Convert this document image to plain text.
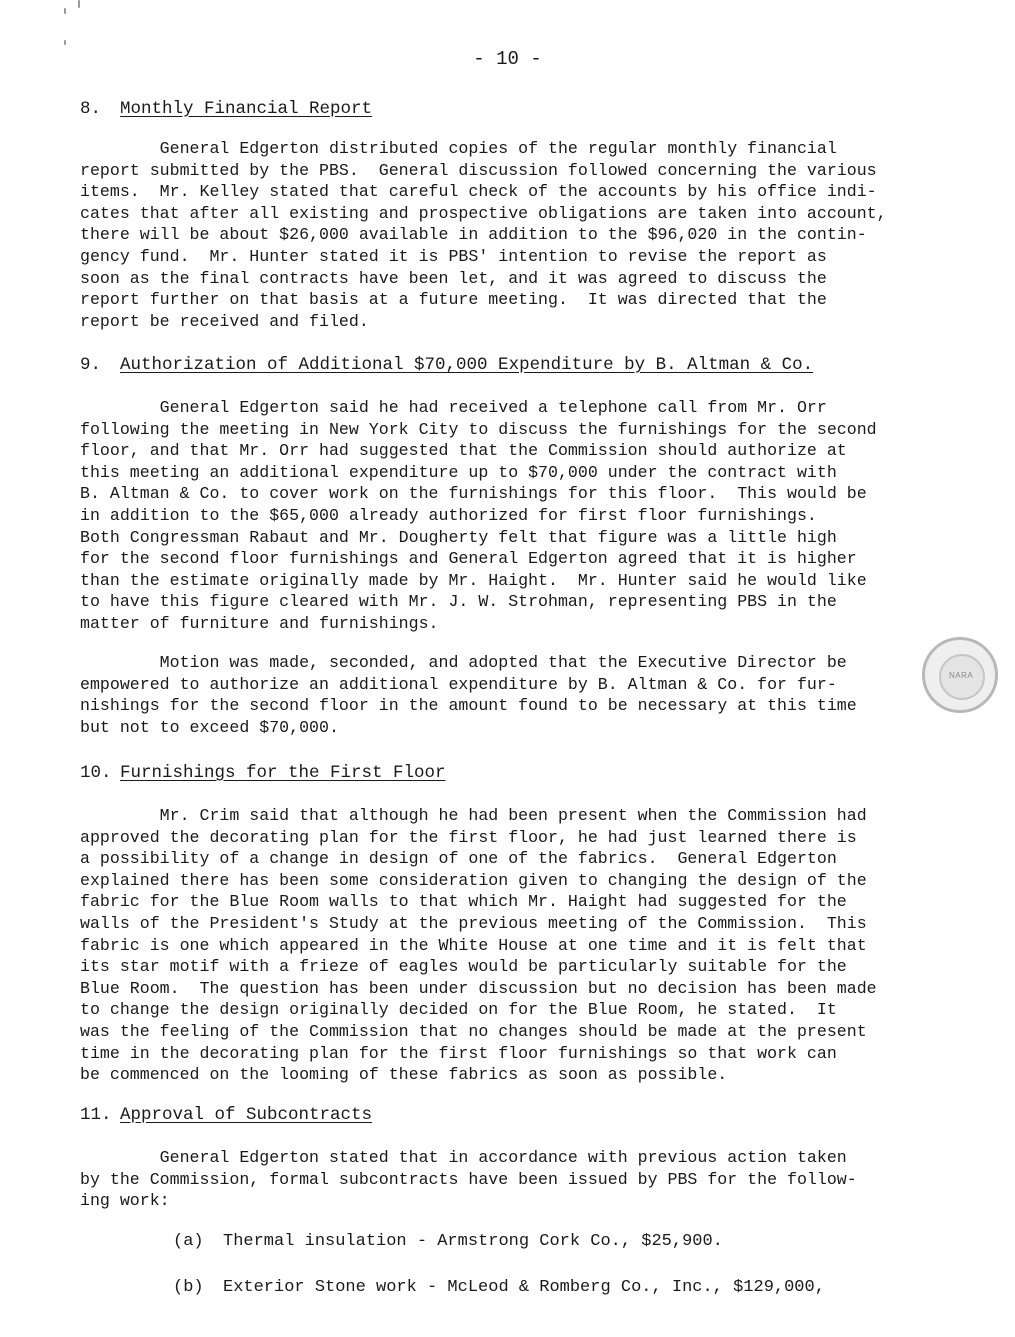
- 10 -
8. Monthly Financial Report
General Edgerton distributed copies of the regular monthly financial
report submitted by the PBS.  General discussion followed concerning the various
items.  Mr. Kelley stated that careful check of the accounts by his office indi-
cates that after all existing and prospective obligations are taken into account,
there will be about $26,000 available in addition to the $96,020 in the contin-
gency fund.  Mr. Hunter stated it is PBS' intention to revise the report as
soon as the final contracts have been let, and it was agreed to discuss the
report further on that basis at a future meeting.  It was directed that the
report be received and filed.
9. Authorization of Additional $70,000 Expenditure by B. Altman & Co.
General Edgerton said he had received a telephone call from Mr. Orr
following the meeting in New York City to discuss the furnishings for the second
floor, and that Mr. Orr had suggested that the Commission should authorize at
this meeting an additional expenditure up to $70,000 under the contract with
B. Altman & Co. to cover work on the furnishings for this floor.  This would be
in addition to the $65,000 already authorized for first floor furnishings.
Both Congressman Rabaut and Mr. Dougherty felt that figure was a little high
for the second floor furnishings and General Edgerton agreed that it is higher
than the estimate originally made by Mr. Haight.  Mr. Hunter said he would like
to have this figure cleared with Mr. J. W. Strohman, representing PBS in the
matter of furniture and furnishings.
Motion was made, seconded, and adopted that the Executive Director be
empowered to authorize an additional expenditure by B. Altman & Co. for fur-
nishings for the second floor in the amount found to be necessary at this time
but not to exceed $70,000.
10. Furnishings for the First Floor
Mr. Crim said that although he had been present when the Commission had
approved the decorating plan for the first floor, he had just learned there is
a possibility of a change in design of one of the fabrics.  General Edgerton
explained there has been some consideration given to changing the design of the
fabric for the Blue Room walls to that which Mr. Haight had suggested for the
walls of the President's Study at the previous meeting of the Commission.  This
fabric is one which appeared in the White House at one time and it is felt that
its star motif with a frieze of eagles would be particularly suitable for the
Blue Room.  The question has been under discussion but no decision has been made
to change the design originally decided on for the Blue Room, he stated.  It
was the feeling of the Commission that no changes should be made at the present
time in the decorating plan for the first floor furnishings so that work can
be commenced on the looming of these fabrics as soon as possible.
11. Approval of Subcontracts
General Edgerton stated that in accordance with previous action taken
by the Commission, formal subcontracts have been issued by PBS for the follow-
ing work:
(a) Thermal insulation - Armstrong Cork Co., $25,900.
(b) Exterior Stone work - McLeod & Romberg Co., Inc., $129,000,
NARA
